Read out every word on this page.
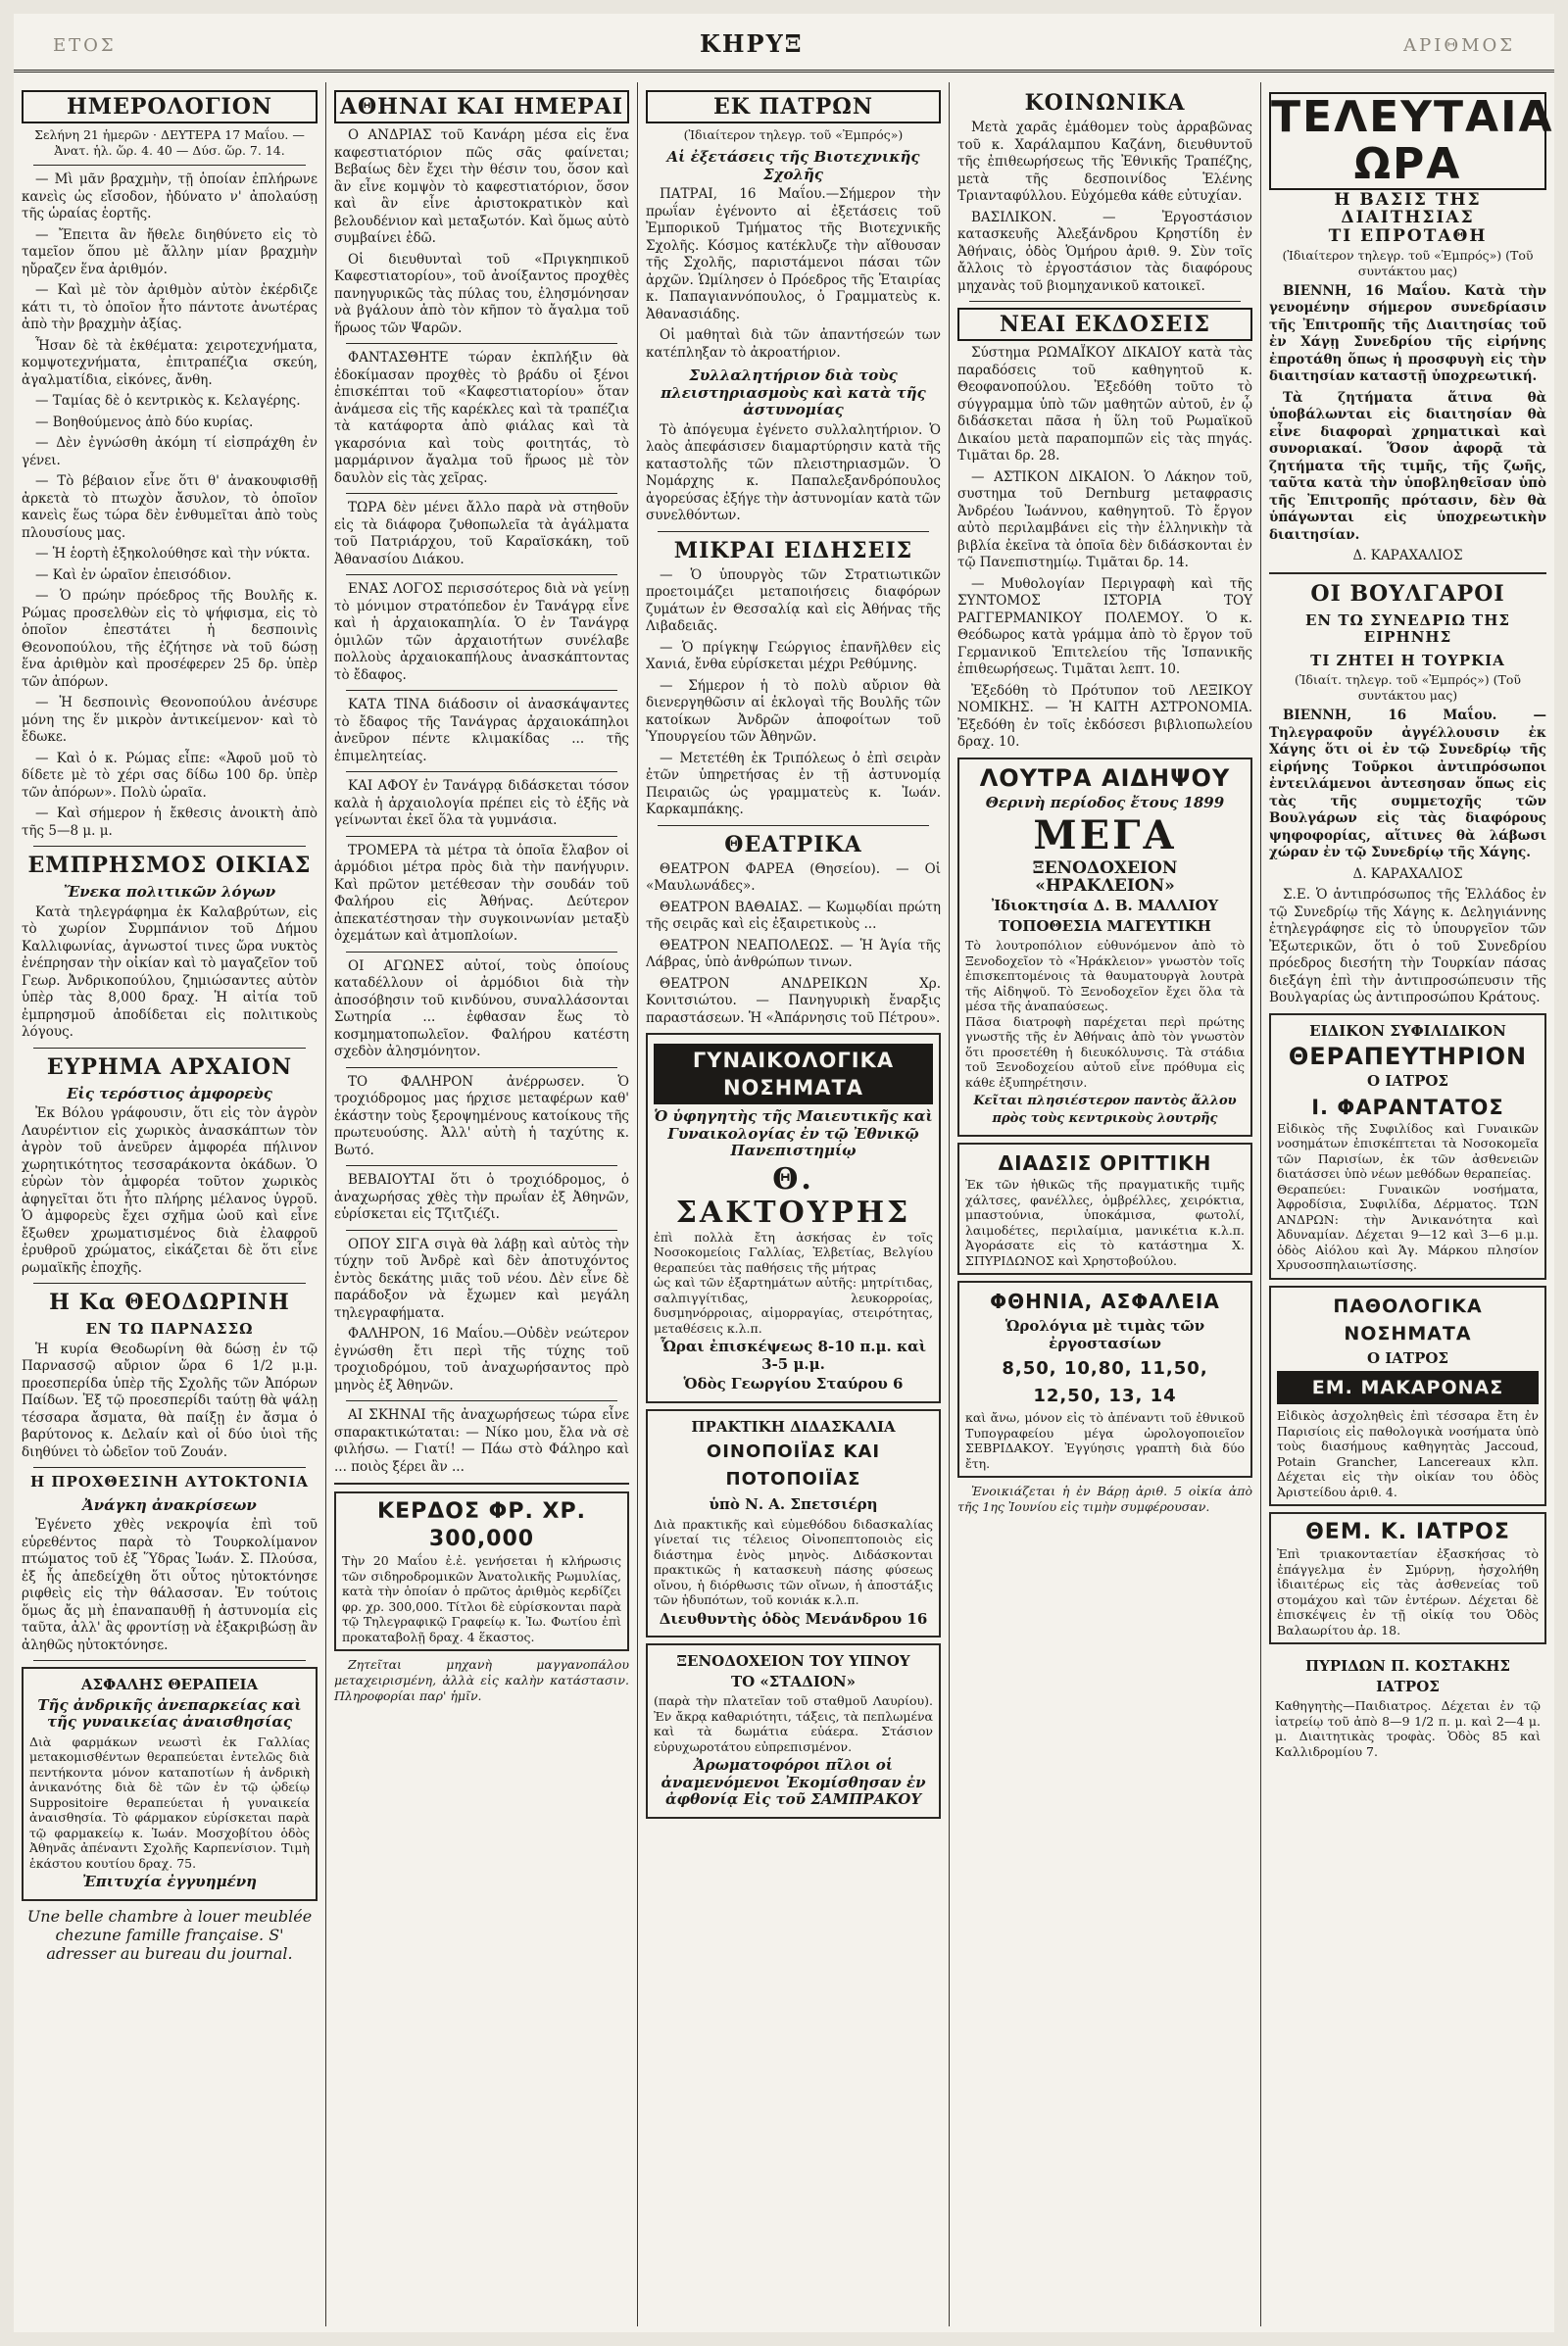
ΕΤΟΣ	ΚΗΡΥΞ	ΑΡΙΘΜΟΣ
ΗΜΕΡΟΛΟΓΙΟΝ

Σελήνη 21 ἡμερῶν · ΔΕΥΤΕΡΑ 17 Μαΐου. — Ἀνατ. ἡλ. ὥρ. 4. 40 — Δύσ. ὥρ. 7. 14.

— Μὶ μᾶν βραχμὴν, τῇ ὁποίαν ἐπλήρωνε κανεὶς ὡς εἴσοδον, ἠδύνατο ν' ἀπολαύσῃ τῆς ὡραίας ἑορτῆς.

— Ἔπειτα ἂν ἤθελε διηθύνετο εἰς τὸ ταμεῖον ὅπου μὲ ἄλλην μίαν βραχμὴν ηὔραζεν ἕνα ἀριθμόν.

— Καὶ μὲ τὸν ἀριθμὸν αὐτὸν ἐκέρδιζε κάτι τι, τὸ ὁποῖον ἦτο πάντοτε ἀνωτέρας ἀπὸ τὴν βραχμὴν ἀξίας.

Ἦσαν δὲ τὰ ἐκθέματα: χειροτεχνήματα, κομψοτεχνήματα, ἐπιτραπέζια σκεύη, ἀγαλματίδια, εἰκόνες, ἄνθη.

— Ταμίας δὲ ὁ κεντρικὸς κ. Κελαγέρης.

— Βοηθούμενος ἀπὸ δύο κυρίας.

— Δὲν ἐγνώσθη ἀκόμη τί εἰσπράχθη ἐν γένει.

— Τὸ βέβαιον εἶνε ὅτι θ' ἀνακουφισθῇ ἀρκετὰ τὸ πτωχὸν ἄσυλον, τὸ ὁποῖον κανεὶς ἕως τώρα δὲν ἐνθυμεῖται ἀπὸ τοὺς πλουσίους μας.

— Ἡ ἑορτὴ ἐξηκολούθησε καὶ τὴν νύκτα.

— Καὶ ἐν ὡραῖον ἐπεισόδιον.

— Ὁ πρώην πρόεδρος τῆς Βουλῆς κ. Ρώμας προσελθὼν εἰς τὸ ψήφισμα, εἰς τὸ ὁποῖον ἐπεστάτει ἡ δεσποινὶς Θεονοπούλου, τῆς ἐζήτησε νὰ τοῦ δώσῃ ἕνα ἀριθμὸν καὶ προσέφερεν 25 δρ. ὑπὲρ τῶν ἀπόρων.

— Ἡ δεσποινὶς Θεονοπούλου ἀνέσυρε μόνη της ἕν μικρὸν ἀντικείμενον· καὶ τὸ ἔδωκε.

— Καὶ ὁ κ. Ρώμας εἶπε: «Ἀφοῦ μοῦ τὸ δίδετε μὲ τὸ χέρι σας δίδω 100 δρ. ὑπὲρ τῶν ἀπόρων». Πολὺ ὡραῖα.

— Καὶ σήμερον ἡ ἔκθεσις ἀνοικτὴ ἀπὸ τῆς 5—8 μ. μ.

ΕΜΠΡΗΣΜΟΣ ΟΙΚΙΑΣ
Ἔνεκα πολιτικῶν λόγων

Κατὰ τηλεγράφημα ἐκ Καλαβρύτων, εἰς τὸ χωρίον Συρμπάνιον τοῦ Δήμου Καλλιφωνίας, ἀγνωστοί τινες ὥρα νυκτὸς ἐνέπρησαν τὴν οἰκίαν καὶ τὸ μαγαζεῖον τοῦ Γεωρ. Ἀνδρικοπούλου, ζημιώσαντες αὐτὸν ὑπὲρ τὰς 8,000 δραχ. Ἡ αἰτία τοῦ ἐμπρησμοῦ ἀποδίδεται εἰς πολιτικοὺς λόγους.

ΕΥΡΗΜΑ ΑΡΧΑΙΟΝ
Εἰς τερόστιος ἀμφορεὺς

Ἐκ Βόλου γράφουσιν, ὅτι εἰς τὸν ἀγρὸν Λαυρέντιον εἰς χωρικὸς ἀνασκάπτων τὸν ἀγρὸν τοῦ ἀνεῦρεν ἀμφορέα πήλινον χωρητικότητος τεσσαράκοντα ὀκάδων. Ὁ εὑρὼν τὸν ἀμφορέα τοῦτον χωρικὸς ἀφηγεῖται ὅτι ἦτο πλήρης μέλανος ὑγροῦ. Ὁ ἀμφορεὺς ἔχει σχῆμα ὠοῦ καὶ εἶνε ἔξωθεν χρωματισμένος διὰ ἐλαφροῦ ἐρυθροῦ χρώματος, εἰκάζεται δὲ ὅτι εἶνε ρωμαϊκῆς ἐποχῆς.

Η Κα ΘΕΟΔΩΡΙΝΗ
ΕΝ ΤΩ ΠΑΡΝΑΣΣΩ

Ἡ κυρία Θεοδωρίνη θὰ δώσῃ ἐν τῷ Παρνασσῷ αὔριον ὥρα 6 1/2 μ.μ. προεσπερίδα ὑπὲρ τῆς Σχολῆς τῶν Ἀπόρων Παίδων. Ἐξ τῷ προεσπερίδι ταύτῃ θὰ ψάλῃ τέσσαρα ἄσματα, θὰ παίξῃ ἐν ἄσμα ὁ βαρύτονος κ. Δελαίν καὶ οἱ δύο ὑιοὶ τῆς διηθύνει τὸ ὠδεῖον τοῦ Ζουάν.

Η ΠΡΟΧΘΕΣΙΝΗ ΑΥΤΟΚΤΟΝΙΑ
Ἀνάγκη ἀνακρίσεων

Ἐγένετο χθὲς νεκροψία ἐπὶ τοῦ εὑρεθέντος παρὰ τὸ Τουρκολίμανον πτώματος τοῦ ἐξ Ὕδρας Ἰωάν. Σ. Πλούσα, ἐξ ἧς ἀπεδείχθη ὅτι οὗτος ηὐτοκτόνησε ριφθεὶς εἰς τὴν θάλασσαν. Ἐν τούτοις ὅμως ἄς μὴ ἐπαναπαυθῇ ἡ ἀστυνομία εἰς ταῦτα, ἀλλ' ἂς φροντίσῃ νὰ ἐξακριβώσῃ ἂν ἀληθῶς ηὐτοκτόνησε.

ΑΣΦΑΛΗΣ ΘΕΡΑΠΕΙΑ
Τῆς ἀνδρικῆς ἀνεπαρκείας καὶ τῆς γυναικείας ἀναισθησίας
Διὰ φαρμάκων νεωστὶ ἐκ Γαλλίας μετακομισθέντων θεραπεύεται ἐντελῶς διὰ πεντήκοντα μόνον καταποτίων ἡ ἀνδρικὴ ἀνικανότης διὰ δὲ τῶν ἐν τῷ ᾠδείῳ Suppositoire θεραπεύεται ἡ γυναικεία ἀναισθησία. Τὸ φάρμακον εὑρίσκεται παρὰ τῷ φαρμακείῳ κ. Ἰωάν. Μοσχοβίτου ὁδὸς Ἀθηνᾶς ἀπέναντι Σχολῆς Καρπενίσιον. Τιμὴ ἑκάστου κουτίου δραχ. 75.
Ἐπιτυχία ἐγγυημένη
Une belle chambre à louer meublée chezune famille française. S' adresser au bureau du journal.
ΑΘΗΝΑΙ ΚΑΙ ΗΜΕΡΑΙ

Ο ΑΝΔΡΙΑΣ τοῦ Κανάρη μέσα εἰς ἕνα καφεστιατόριον πῶς σᾶς φαίνεται; Βεβαίως δὲν ἔχει τὴν θέσιν του, ὅσον καὶ ἂν εἶνε κομψὸν τὸ καφεστιατόριον, ὅσον καὶ ἂν εἶνε ἀριστοκρατικὸν καὶ βελουδένιον καὶ μεταξωτόν. Καὶ ὅμως αὐτὸ συμβαίνει ἐδῶ.

Οἱ διευθυνταὶ τοῦ «Πριγκηπικοῦ Καφεστιατορίου», τοῦ ἀνοίξαντος προχθὲς πανηγυρικῶς τὰς πύλας του, ἐλησμόνησαν νὰ βγάλουν ἀπὸ τὸν κῆπον τὸ ἄγαλμα τοῦ ἥρωος τῶν Ψαρῶν.

ΦΑΝΤΑΣΘΗΤΕ τώραν ἐκπλήξιν θὰ ἐδοκίμασαν προχθὲς τὸ βράδυ οἱ ξένοι ἐπισκέπται τοῦ «Καφεστιατορίου» ὅταν ἀνάμεσα εἰς τῆς καρέκλες καὶ τὰ τραπέζια τὰ κατάφορτα ἀπὸ φιάλας καὶ τὰ γκαρσόνια καὶ τοὺς φοιτητάς, τὸ μαρμάρινον ἄγαλμα τοῦ ἥρωος μὲ τὸν δαυλὸν εἰς τὰς χεῖρας.

ΤΩΡΑ δὲν μένει ἄλλο παρὰ νὰ στηθοῦν εἰς τὰ διάφορα ζυθοπωλεῖα τὰ ἀγάλματα τοῦ Πατριάρχου, τοῦ Καραϊσκάκη, τοῦ Ἀθανασίου Διάκου.

ΕΝΑΣ ΛΟΓΟΣ περισσότερος διὰ νὰ γείνῃ τὸ μόνιμον στρατόπεδον ἐν Τανάγρᾳ εἶνε καὶ ἡ ἀρχαιοκαπηλία. Ὁ ἐν Τανάγρᾳ ὁμιλῶν τῶν ἀρχαιοτήτων συνέλαβε πολλοὺς ἀρχαιοκαπήλους ἀνασκάπτοντας τὸ ἔδαφος.

ΚΑΤΑ ΤΙΝΑ διάδοσιν οἱ ἀνασκάψαντες τὸ ἔδαφος τῆς Τανάγρας ἀρχαιοκάπηλοι ἀνεῦρον πέντε κλιμακίδας ... τῆς ἐπιμελητείας.

ΚΑΙ ΑΦΟΥ ἐν Τανάγρᾳ διδάσκεται τόσον καλὰ ἡ ἀρχαιολογία πρέπει εἰς τὸ ἑξῆς νὰ γείνωνται ἐκεῖ ὅλα τὰ γυμνάσια.

ΤΡΟΜΕΡΑ τὰ μέτρα τὰ ὁποῖα ἔλαβον οἱ ἁρμόδιοι μέτρα πρὸς διὰ τὴν πανήγυριν. Καὶ πρῶτον μετέθεσαν τὴν σουδάν τοῦ Φαλήρου εἰς Ἀθήνας. Δεύτερον ἀπεκατέστησαν τὴν συγκοινωνίαν μεταξὺ ὀχεμάτων καὶ ἀτμοπλοίων.

ΟΙ ΑΓΩΝΕΣ αὐτοί, τοὺς ὁποίους καταδέλλουν οἱ ἀρμόδιοι διὰ τὴν ἀποσόβησιν τοῦ κινδύνου, συναλλάσονται Σωτηρία ... ἐφθασαν ἕως τὸ κοσμηματοπωλεῖον. Φαλήρου κατέστη σχεδὸν ἀλησμόνητον.

ΤΟ ΦΑΛΗΡΟΝ ἀνέρρωσεν. Ὁ τροχιόδρομος μας ήρχισε μεταφέρων καθ' ἑκάστην τοὺς ξεροψημένους κατοίκους τῆς πρωτευούσης. Ἀλλ' αὐτὴ ἡ ταχύτης κ. Βωτό.

ΒΕΒΑΙΟΥΤΑΙ ὅτι ὁ τροχιόδρομος, ὁ ἀναχωρήσας χθὲς τὴν πρωΐαν ἐξ Ἀθηνῶν, εὑρίσκεται εἰς Τζιτζιέζι.

ΟΠΟΥ ΣΙΓΑ σιγὰ θὰ λάβῃ καὶ αὐτὸς τὴν τύχην τοῦ Ἀνδρὲ καὶ δὲν ἀποτυχόντος ἐντὸς δεκάτης μιᾶς τοῦ νέου. Δὲν εἶνε δὲ παράδοξον νὰ ἔχωμεν καὶ μεγάλη τηλεγραφήματα.

ΦΑΛΗΡΟΝ, 16 Μαΐου.—Οὐδὲν νεώτερον ἐγνώσθη ἔτι περὶ τῆς τύχης τοῦ τροχιοδρόμου, τοῦ ἀναχωρήσαντος πρὸ μηνὸς ἐξ Ἀθηνῶν.

ΑΙ ΣΚΗΝΑΙ τῆς ἀναχωρήσεως τώρα εἶνε σπαρακτικώταται: — Νίκο μου, ἔλα νὰ σὲ φιλήσω. — Γιατί! — Πάω στὸ Φάληρο καὶ ... ποιὸς ξέρει ἂν ...

ΚΕΡΔΟΣ ΦΡ. ΧΡ. 300,000
Τὴν 20 Μαΐου ἐ.ἐ. γενήσεται ἡ κλήρωσις τῶν σιδηροδρομικῶν Ἀνατολικῆς Ρωμυλίας, κατὰ τὴν ὁποίαν ὁ πρῶτος ἀριθμὸς κερδίζει φρ. χρ. 300,000. Τίτλοι δὲ εὑρίσκονται παρὰ τῷ Τηλεγραφικῷ Γραφείῳ κ. Ἰω. Φωτίου ἐπὶ προκαταβολῇ δραχ. 4 ἕκαστος.

Ζητεῖται μηχανὴ μαγγανοπάλου μεταχειρισμένη, ἀλλὰ εἰς καλὴν κατάστασιν. Πληροφορίαι παρ' ἡμῖν.

ΕΚ ΠΑΤΡΩΝ

(Ἰδιαίτερον τηλεγρ. τοῦ «Ἐμπρός»)

Αἱ ἐξετάσεις τῆς Βιοτεχνικῆς Σχολῆς

ΠΑΤΡΑΙ, 16 Μαΐου.—Σήμερον τὴν πρωΐαν ἐγένοντο αἱ ἐξετάσεις τοῦ Ἐμπορικοῦ Τμήματος τῆς Βιοτεχνικῆς Σχολῆς. Κόσμος κατέκλυζε τὴν αἴθουσαν τῆς Σχολῆς, παριστάμενοι πάσαι τῶν ἀρχῶν. Ὡμίλησεν ὁ Πρόεδρος τῆς Ἑταιρίας κ. Παπαγιαννόπουλος, ὁ Γραμματεὺς κ. Ἀθανασιάδης.

Οἱ μαθηταὶ διὰ τῶν ἀπαντήσεών των κατέπληξαν τὸ ἀκροατήριον.

Συλλαλητήριον διὰ τοὺς πλειστηριασμοὺς καὶ κατὰ τῆς ἀστυνομίας

Τὸ ἀπόγευμα ἐγένετο συλλαλητήριον. Ὁ λαὸς ἀπεφάσισεν διαμαρτύρησιν κατὰ τῆς καταστολῆς τῶν πλειστηριασμῶν. Ὁ Νομάρχης κ. Παπαλεξανδρόπουλος ἀγορεύσας ἐξήγε τὴν ἀστυνομίαν κατὰ τῶν συνελθόντων.

ΜΙΚΡΑΙ ΕΙΔΗΣΕΙΣ

— Ὁ ὑπουργὸς τῶν Στρατιωτικῶν προετοιμάζει μεταποιήσεις διαφόρων ζυμάτων ἐν Θεσσαλίᾳ καὶ εἰς Ἀθήνας τῆς Λιβαδειᾶς.

— Ὁ πρίγκηψ Γεώργιος ἐπανῆλθεν εἰς Χανιά, ἔνθα εὑρίσκεται μέχρι Ρεθύμνης.

— Σήμερον ἡ τὸ πολὺ αὔριον θὰ διενεργηθῶσιν αἱ ἐκλογαὶ τῆς Βουλῆς τῶν κατοίκων Ἀνδρῶν ἀποφοίτων τοῦ Ὑπουργείου τῶν Ἀθηνῶν.

— Μετετέθη ἐκ Τριπόλεως ὁ ἐπὶ σειρὰν ἐτῶν ὑπηρετήσας ἐν τῇ ἀστυνομίᾳ Πειραιῶς ὡς γραμματεὺς κ. Ἰωάν. Καρκαμπάκης.

ΘΕΑΤΡΙΚΑ

ΘΕΑΤΡΟΝ ΦΑΡΕΑ (Θησείου). — Οἱ «Μαυλωνάδες».

ΘΕΑΤΡΟΝ ΒΑΘΑΙΑΣ. — Κωμῳδίαι πρώτη τῆς σειρᾶς καὶ εἰς ἐξαιρετικοὺς ...

ΘΕΑΤΡΟΝ ΝΕΑΠΟΛΕΩΣ. — Ἡ Ἁγία τῆς Λάβρας, ὑπὸ ἀνθρώπων τινων.

ΘΕΑΤΡΟΝ ΑΝΔΡΕΙΚΩΝ Χρ. Κονιτσιώτου. — Πανηγυρικὴ ἔναρξις παραστάσεων. Ἡ «Ἀπάρνησις τοῦ Πέτρου».

ΓΥΝΑΙΚΟΛΟΓΙΚΑ ΝΟΣΗΜΑΤΑ
Ὁ ὑφηγητὴς τῆς Μαιευτικῆς καὶ Γυναικολογίας ἐν τῷ Ἐθνικῷ Πανεπιστημίῳ
Θ. ΣΑΚΤΟΥΡΗΣ
ἐπὶ πολλὰ ἔτη ἀσκήσας ἐν τοῖς Νοσοκομείοις Γαλλίας, Ἑλβετίας, Βελγίου θεραπεύει τὰς παθήσεις τῆς μήτρας
ὡς καὶ τῶν ἐξαρτημάτων αὐτῆς: μητρίτιδας, σαλπιγγίτιδας, λευκορροίας, δυσμηνόρροιας, αἱμορραγίας, στειρότητας, μεταθέσεις κ.λ.π.
Ὧραι ἐπισκέψεως 8-10 π.μ. καὶ 3-5 μ.μ.
Ὁδὸς Γεωργίου Σταύρου 6
ΠΡΑΚΤΙΚΗ ΔΙΔΑΣΚΑΛΙΑ
ΟΙΝΟΠΟΙΪΑΣ ΚΑΙ ΠΟΤΟΠΟΙΪΑΣ
ὑπὸ Ν. Α. Σπετσιέρη
Διὰ πρακτικῆς καὶ εὐμεθόδου διδασκαλίας γίνεταί τις τέλειος Οἰνοπεπτοποιὸς εἰς διάστημα ἑνὸς μηνὸς. Διδάσκονται πρακτικῶς ἡ κατασκευὴ πάσης φύσεως οἴνου, ἡ διόρθωσις τῶν οἴνων, ἡ ἀποστάξις τῶν ἡδυπότων, τοῦ κονιάκ κ.λ.π.
Διευθυντὴς ὁδὸς Μενάνδρου 16
ΞΕΝΟΔΟΧΕΙΟΝ ΤΟΥ ΥΠΝΟΥ
ΤΟ «ΣΤΑΔΙΟΝ»
(παρὰ τὴν πλατεῖαν τοῦ σταθμοῦ Λαυρίου). Ἐν ἄκρᾳ καθαριότητι, τάξεις, τὰ πεπλωμένα καὶ τὰ δωμάτια εὐάερα. Στάσιον εὐρυχωροτάτου εὐπρεπισμένον.
Ἀρωματοφόροι πῖλοι οἱ ἀναμενόμενοι Ἐκομίσθησαν ἐν ἀφθονίᾳ Εἰς τοῦ ΣΑΜΠΡΑΚΟΥ
ΚΟΙΝΩΝΙΚΑ

Μετὰ χαρᾶς ἐμάθομεν τοὺς ἀρραβῶνας τοῦ κ. Χαράλαμπου Καζάνη, διευθυντοῦ τῆς ἐπιθεωρήσεως τῆς Ἐθνικῆς Τραπέζης, μετὰ τῆς δεσποινίδος Ἑλένης Τριανταφύλλου. Εὐχόμεθα κάθε εὐτυχίαν.

ΒΑΣΙΛΙΚΟΝ. — Ἐργοστάσιον κατασκευῆς Ἀλεξάνδρου Κρηστίδη ἐν Ἀθήναις, ὁδὸς Ὁμήρου ἀριθ. 9. Σὺν τοῖς ἄλλοις τὸ ἐργοστάσιον τὰς διαφόρους μηχανὰς τοῦ βιομηχανικοῦ κατοικεῖ.

ΝΕΑΙ ΕΚΔΟΣΕΙΣ

Σύστημα ΡΩΜΑΪΚΟΥ ΔΙΚΑΙΟΥ κατὰ τὰς παραδόσεις τοῦ καθηγητοῦ κ. Θεοφανοπούλου. Ἐξεδόθη τοῦτο τὸ σύγγραμμα ὑπὸ τῶν μαθητῶν αὐτοῦ, ἐν ᾧ διδάσκεται πᾶσα ἡ ὕλη τοῦ Ρωμαϊκοῦ Δικαίου μετὰ παραπομπῶν εἰς τὰς πηγάς. Τιμᾶται δρ. 28.

— ΑΣΤΙΚΟΝ ΔΙΚΑΙΟΝ. Ὁ Λάκηον τοῦ, συστημα τοῦ Dernburg μεταφρασις Ἀνδρέου Ἰωάννου, καθηγητοῦ. Τὸ ἔργον αὐτὸ περιλαμβάνει εἰς τὴν ἑλληνικὴν τὰ βιβλία ἐκεῖνα τὰ ὁποῖα δὲν διδάσκονται ἐν τῷ Πανεπιστημίῳ. Τιμᾶται δρ. 14.

— Μυθολογίαν Περιγραφὴ καὶ τῆς ΣΥΝΤΟΜΟΣ ΙΣΤΟΡΙΑ ΤΟΥ ΡΑΓΓΕΡΜΑΝΙΚΟΥ ΠΟΛΕΜΟΥ. Ὁ κ. Θεόδωρος κατὰ γράμμα ἀπὸ τὸ ἔργον τοῦ Γερμανικοῦ Ἐπιτελείου τῆς Ἰσπανικῆς ἐπιθεωρήσεως. Τιμᾶται λεπτ. 10.

Ἐξεδόθη τὸ Πρότυπον τοῦ ΛΕΞΙΚΟΥ ΝΟΜΙΚΗΣ. — Ἡ ΚΑΙΤΗ ΑΣΤΡΟΝΟΜΙΑ. Ἐξεδόθη ἐν τοῖς ἐκδόσεσι βιβλιοπωλείου δραχ. 10.

ΛΟΥΤΡΑ ΑΙΔΗΨΟΥ
Θερινὴ περίοδος ἔτους 1899
ΜΕΓΑ
ΞΕΝΟΔΟΧΕΙΟΝ «ΗΡΑΚΛΕΙΟΝ»
Ἰδιοκτησία Δ. Β. ΜΑΛΛΙΟΥ
ΤΟΠΟΘΕΣΙΑ ΜΑΓΕΥΤΙΚΗ
Τὸ λουτροπόλιον εὐθυνόμενον ἀπὸ τὸ Ξενοδοχεῖον τὸ «Ἡράκλειον» γνωστὸν τοῖς ἐπισκεπτομένοις τὰ θαυματουργὰ λουτρὰ τῆς Αἰδηψοῦ. Τὸ Ξενοδοχεῖον ἔχει ὅλα τὰ μέσα τῆς ἀναπαύσεως.
Πᾶσα διατροφὴ παρέχεται περὶ πρώτης γνωστῆς τῆς ἐν Ἀθήναις ἀπὸ τὸν γνωστὸν ὅτι προσετέθη ἡ διευκόλυνσις. Τὰ στάδια τοῦ Ξενοδοχείου αὐτοῦ εἶνε πρόθυμα εἰς κάθε ἐξυπηρέτησιν.
Κεῖται πλησιέστερον παντὸς ἄλλου πρὸς τοὺς κεντρικοὺς λουτρῆς
ΔΙΑΔΣΙΣ ΟΡΙΤΤΙΚΗ
Ἐκ τῶν ἠθικῶς τῆς πραγματικῆς τιμῆς χάλτσες, φανέλλες, ὀμβρέλλες, χειρόκτια, μπαστούνια, ὑποκάμισα, φωτολί, λαιμοδέτες, περιλαίμια, μανικέτια κ.λ.π. Ἀγοράσατε εἰς τὸ κατάστημα Χ. ΣΠΥΡΙΔΩΝΟΣ καὶ Χρηστοβούλου.
ΦΘΗΝΙΑ, ΑΣΦΑΛΕΙΑ
Ὡρολόγια μὲ τιμὰς τῶν ἐργοστασίων
8,50, 10,80, 11,50, 12,50, 13, 14
καὶ ἄνω, μόνον εἰς τὸ ἀπέναντι τοῦ ἐθνικοῦ Τυπογραφείου μέγα ὡρολογοποιεῖον ΣΕΒΡΙΔΑΚΟΥ. Ἐγγύησις γραπτὴ διὰ δύο ἔτη.

Ἐνοικιάζεται ἡ ἐν Βάρῃ ἀριθ. 5 οἰκία ἀπὸ τῆς 1ης Ἰουνίου εἰς τιμὴν συμφέρουσαν.

ΤΕΛΕΥΤΑΙΑ ΩΡΑ
Η ΒΑΣΙΣ ΤΗΣ ΔΙΑΙΤΗΣΙΑΣ
ΤΙ ΕΠΡΟΤΑΘΗ

(Ἰδιαίτερον τηλεγρ. τοῦ «Ἐμπρός») (Τοῦ συντάκτου μας)

ΒΙΕΝΝΗ, 16 Μαΐου. Κατὰ τὴν γενομένην σήμερον συνεδρίασιν τῆς Ἐπιτροπῆς τῆς Διαιτησίας τοῦ ἐν Χάγῃ Συνεδρίου τῆς εἰρήνης ἐπροτάθη ὅπως ἡ προσφυγὴ εἰς τὴν διαιτησίαν καταστῇ ὑποχρεωτική.

Τὰ ζητήματα ἅτινα θὰ ὑποβάλωνται εἰς διαιτησίαν θὰ εἶνε διαφοραὶ χρηματικαὶ καὶ συνοριακαί. Ὅσον ἀφορᾷ τὰ ζητήματα τῆς τιμῆς, τῆς ζωῆς, ταῦτα κατὰ τὴν ὑποβληθεῖσαν ὑπὸ τῆς Ἐπιτροπῆς πρότασιν, δὲν θὰ ὑπάγωνται εἰς ὑποχρεωτικὴν διαιτησίαν.

Δ. ΚΑΡΑΧΑΛΙΟΣ

ΟΙ ΒΟΥΛΓΑΡΟΙ
ΕΝ ΤΩ ΣΥΝΕΔΡΙΩ ΤΗΣ ΕΙΡΗΝΗΣ
ΤΙ ΖΗΤΕΙ Η ΤΟΥΡΚΙΑ

(Ἰδιαίτ. τηλεγρ. τοῦ «Ἐμπρός») (Τοῦ συντάκτου μας)

ΒΙΕΝΝΗ, 16 Μαΐου. — Τηλεγραφοῦν ἀγγέλλουσιν ἐκ Χάγης ὅτι οἱ ἐν τῷ Συνεδρίῳ τῆς εἰρήνης Τοῦρκοι ἀντιπρόσωποι ἐντειλάμενοι ἀντεσησαν ὅπως εἰς τὰς τῆς συμμετοχῆς τῶν Βουλγάρων εἰς τὰς διαφόρους ψηφοφορίας, αἵτινες θὰ λάβωσι χώραν ἐν τῷ Συνεδρίῳ τῆς Χάγης.

Δ. ΚΑΡΑΧΑΛΙΟΣ

Σ.Ε. Ὁ ἀντιπρόσωπος τῆς Ἑλλάδος ἐν τῷ Συνεδρίῳ τῆς Χάγης κ. Δεληγιάννης ἐτηλεγράφησε εἰς τὸ ὑπουργεῖον τῶν Ἐξωτερικῶν, ὅτι ὁ τοῦ Συνεδρίου πρόεδρος διεσήτη τὴν Τουρκίαν πάσας διεξάγη ἐπὶ τὴν ἀντιπροσώπευσιν τῆς Βουλγαρίας ὡς ἀντιπροσώπου Κράτους.

ΕΙΔΙΚΟΝ ΣΥΦΙΛΙΔΙΚΟΝ
ΘΕΡΑΠΕΥΤΗΡΙΟΝ
Ο ΙΑΤΡΟΣ
Ι. ΦΑΡΑΝΤΑΤΟΣ
Εἰδικὸς τῆς Συφιλίδος καὶ Γυναικῶν νοσημάτων ἐπισκέπτεται τὰ Νοσοκομεῖα τῶν Παρισίων, ἐκ τῶν ἀσθενειῶν διατάσσει ὑπὸ νέων μεθόδων θεραπείας.
Θεραπεύει: Γυναικῶν νοσήματα, Ἀφροδίσια, Συφιλίδα, Δέρματος. ΤΩΝ ΑΝΔΡΩΝ: τὴν Ἀνικανότητα καὶ Ἀδυναμίαν. Δέχεται 9—12 καὶ 3—6 μ.μ. ὁδὸς Αἰόλου καὶ Ἁγ. Μάρκου πλησίον Χρυσοσπηλαιωτίσσης.
ΠΑΘΟΛΟΓΙΚΑ ΝΟΣΗΜΑΤΑ
Ο ΙΑΤΡΟΣ
ΕΜ. ΜΑΚΑΡΟΝΑΣ
Εἰδικὸς ἀσχοληθεὶς ἐπὶ τέσσαρα ἔτη ἐν Παρισίοις εἰς παθολογικὰ νοσήματα ὑπὸ τοὺς διασήμους καθηγητὰς Jaccoud, Potain Grancher, Lancereaux κλπ. Δέχεται εἰς τὴν οἰκίαν του ὁδὸς Ἀριστείδου ἀριθ. 4.
ΘΕΜ. Κ. ΙΑΤΡΟΣ
Ἐπὶ τριακονταετίαν ἐξασκήσας τὸ ἐπάγγελμα ἐν Σμύρνῃ, ἠσχολήθη ἰδιαιτέρως εἰς τὰς ἀσθενείας τοῦ στομάχου καὶ τῶν ἐντέρων. Δέχεται δὲ ἐπισκέψεις ἐν τῇ οἰκίᾳ του Ὁδὸς Βαλαωρίτου ἀρ. 18.
ΠΥΡΙΔΩΝ Π. ΚΟΣΤΑΚΗΣ
ΙΑΤΡΟΣ
Καθηγητὴς—Παιδιατρος. Δέχεται ἐν τῷ ἰατρείῳ τοῦ ἀπὸ 8—9 1/2 π. μ. καὶ 2—4 μ. μ. Διαιτητικὰς τροφὰς. Ὁδὸς 85 καὶ Καλλιδρομίου 7.
